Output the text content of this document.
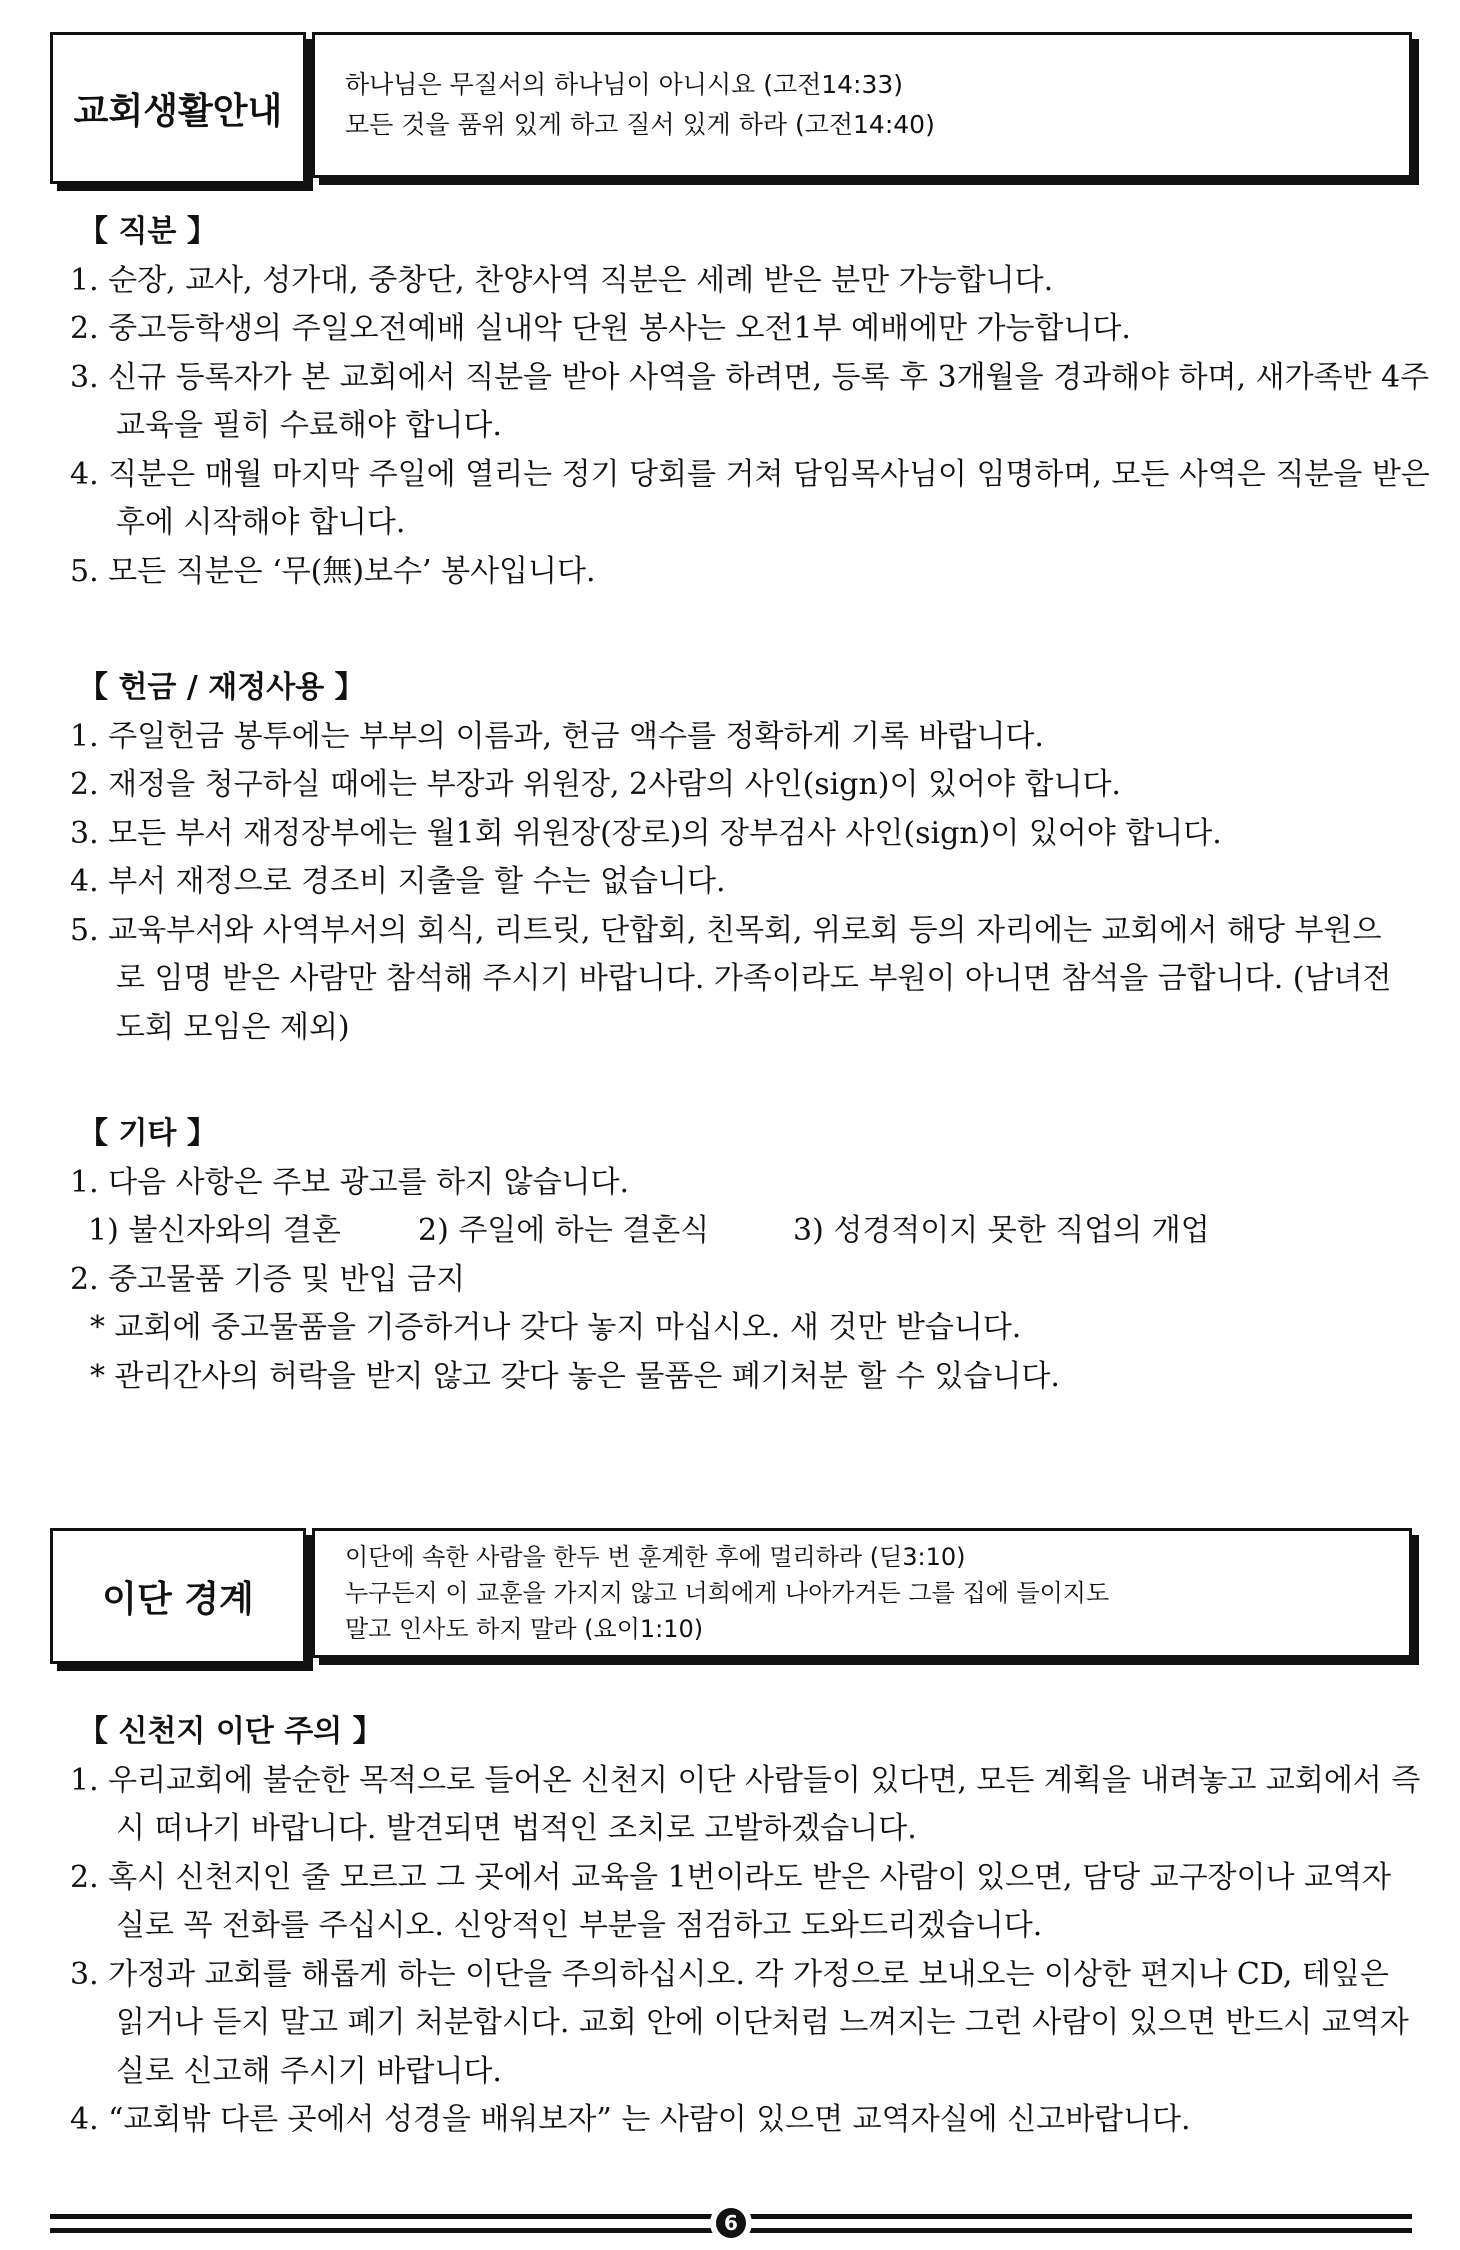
교회생활안내
하나님은 무질서의 하나님이 아니시요 (고전14:33)
모든 것을 품위 있게 하고 질서 있게 하라 (고전14:40)
【 직분 】
1. 순장, 교사, 성가대, 중창단, 찬양사역 직분은 세례 받은 분만 가능합니다.
2. 중고등학생의 주일오전예배 실내악 단원 봉사는 오전1부 예배에만 가능합니다.
3. 신규 등록자가 본 교회에서 직분을 받아 사역을 하려면, 등록 후 3개월을 경과해야 하며, 새가족반 4주 교육을 필히 수료해야 합니다.
4. 직분은 매월 마지막 주일에 열리는 정기 당회를 거쳐 담임목사님이 임명하며, 모든 사역은 직분을 받은 후에 시작해야 합니다.
5. 모든 직분은 ‘무(無)보수’ 봉사입니다.
【 헌금 / 재정사용 】
1. 주일헌금 봉투에는 부부의 이름과, 헌금 액수를 정확하게 기록 바랍니다.
2. 재정을 청구하실 때에는 부장과 위원장, 2사람의 사인(sign)이 있어야 합니다.
3. 모든 부서 재정장부에는 월1회 위원장(장로)의 장부검사 사인(sign)이 있어야 합니다.
4. 부서 재정으로 경조비 지출을 할 수는 없습니다.
5. 교육부서와 사역부서의 회식, 리트릿, 단합회, 친목회, 위로회 등의 자리에는 교회에서 해당 부원으로 임명 받은 사람만 참석해 주시기 바랍니다. 가족이라도 부원이 아니면 참석을 금합니다. (남녀전도회 모임은 제외)
【 기타 】
1. 다음 사항은 주보 광고를 하지 않습니다.
1) 불신자와의 결혼	2) 주일에 하는 결혼식	3) 성경적이지 못한 직업의 개업
2. 중고물품 기증 및 반입 금지
* 교회에 중고물품을 기증하거나 갖다 놓지 마십시오. 새 것만 받습니다.
* 관리간사의 허락을 받지 않고 갖다 놓은 물품은 폐기처분 할 수 있습니다.
이단 경계
이단에 속한 사람을 한두 번 훈계한 후에 멀리하라 (딛3:10)
누구든지 이 교훈을 가지지 않고 너희에게 나아가거든 그를 집에 들이지도
말고 인사도 하지 말라 (요이1:10)
【 신천지 이단 주의 】
1. 우리교회에 불순한 목적으로 들어온 신천지 이단 사람들이 있다면, 모든 계획을 내려놓고 교회에서 즉시 떠나기 바랍니다. 발견되면 법적인 조치로 고발하겠습니다.
2. 혹시 신천지인 줄 모르고 그 곳에서 교육을 1번이라도 받은 사람이 있으면, 담당 교구장이나 교역자실로 꼭 전화를 주십시오. 신앙적인 부분을 점검하고 도와드리겠습니다.
3. 가정과 교회를 해롭게 하는 이단을 주의하십시오. 각 가정으로 보내오는 이상한 편지나 CD, 테잎은 읽거나 듣지 말고 폐기 처분합시다. 교회 안에 이단처럼 느껴지는 그런 사람이 있으면 반드시 교역자실로 신고해 주시기 바랍니다.
4. “교회밖 다른 곳에서 성경을 배워보자” 는 사람이 있으면 교역자실에 신고바랍니다.
6
